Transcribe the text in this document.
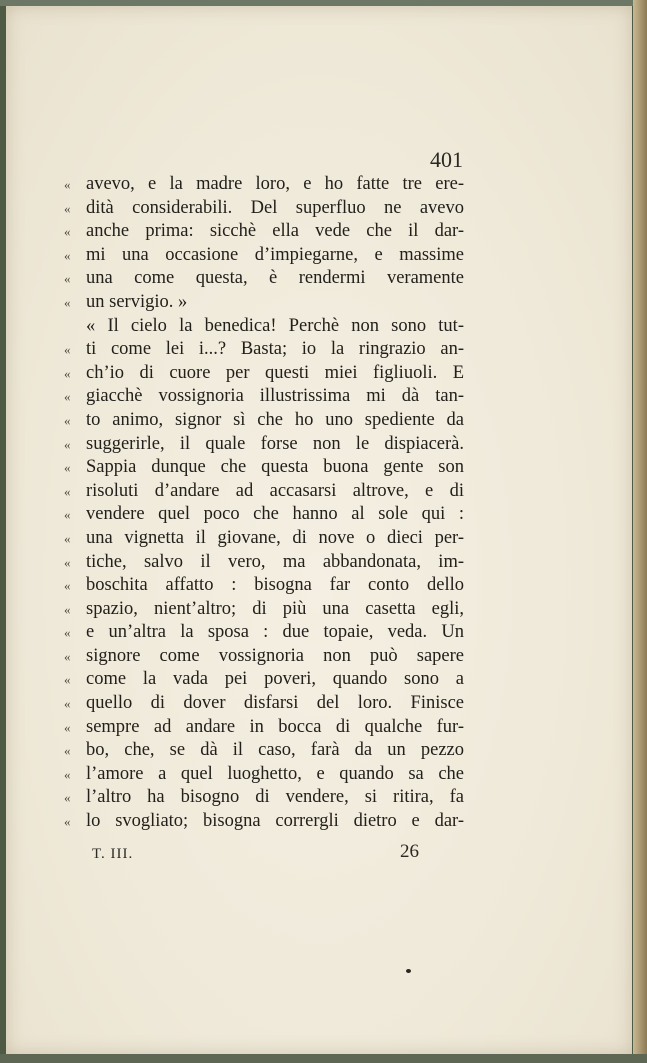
401
« avevo, e la madre loro, e ho fatte tre ere-
« dità considerabili. Del superfluo ne avevo
« anche prima: sicchè ella vede che il dar-
« mi una occasione d’impiegarne, e massime
« una come questa, è rendermi veramente
« un servigio. »
« Il cielo la benedica! Perchè non sono tut-
« ti come lei i...? Basta; io la ringrazio an-
« ch’io di cuore per questi miei figliuoli. E
« giacchè vossignoria illustrissima mi dà tan-
« to animo, signor sì che ho uno spediente da
« suggerirle, il quale forse non le dispiacerà.
« Sappia dunque che questa buona gente son
« risoluti d’andare ad accasarsi altrove, e di
« vendere quel poco che hanno al sole qui :
« una vignetta il giovane, di nove o dieci per-
« tiche, salvo il vero, ma abbandonata, im-
« boschita affatto : bisogna far conto dello
« spazio, nient’altro; di più una casetta egli,
« e un’altra la sposa : due topaie, veda. Un
« signore come vossignoria non può sapere
« come la vada pei poveri, quando sono a
« quello di dover disfarsi del loro. Finisce
« sempre ad andare in bocca di qualche fur-
« bo, che, se dà il caso, farà da un pezzo
« l’amore a quel luoghetto, e quando sa che
« l’altro ha bisogno di vendere, si ritira, fa
« lo svogliato; bisogna corrergli dietro e dar-
T. III.	26
